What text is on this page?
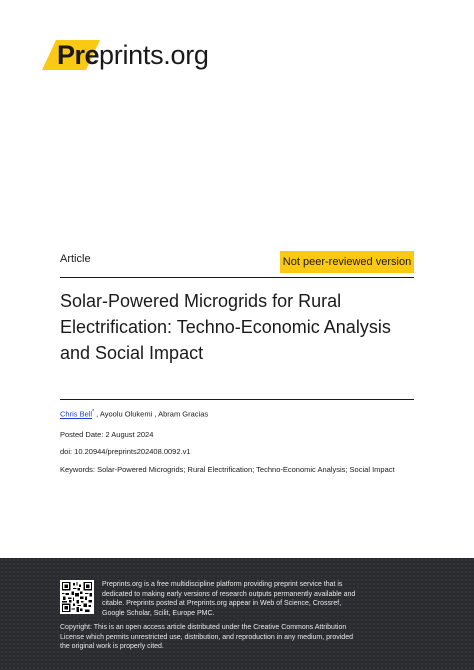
Pre prints.org
Article	Not peer-reviewed version
Solar-Powered Microgrids for Rural Electrification: Techno-Economic Analysis and Social Impact
Chris Bell* , Ayoolu Olukemi , Abram Gracias
Posted Date: 2 August 2024
doi: 10.20944/preprints202408.0092.v1
Keywords: Solar-Powered Microgrids; Rural Electrification; Techno-Economic Analysis; Social Impact
Preprints.org is a free multidiscipline platform providing preprint service that is dedicated to making early versions of research outputs permanently available and citable. Preprints posted at Preprints.org appear in Web of Science, Crossref, Google Scholar, Scilit, Europe PMC.
Copyright: This is an open access article distributed under the Creative Commons Attribution License which permits unrestricted use, distribution, and reproduction in any medium, provided the original work is properly cited.
